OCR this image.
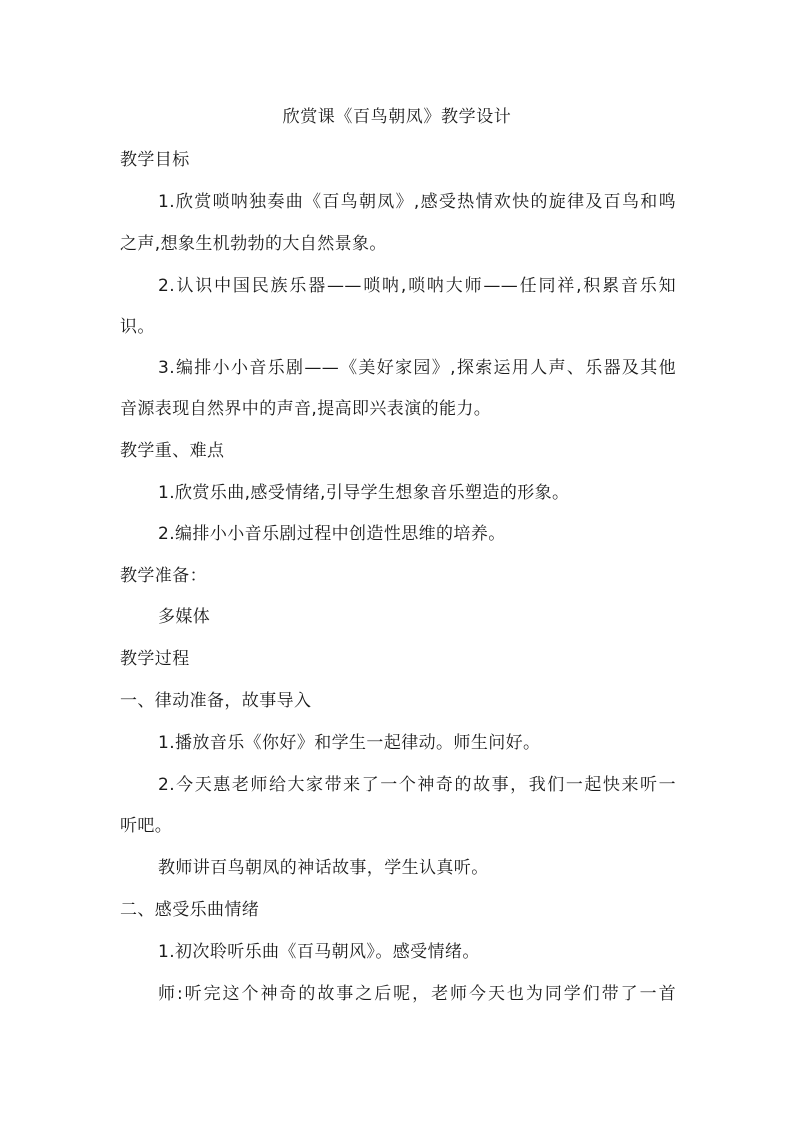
欣赏课《百鸟朝凤》教学设计
教学目标
1.欣赏唢呐独奏曲《百鸟朝凤》,感受热情欢快的旋律及百鸟和鸣
之声,想象生机勃勃的大自然景象。
2.认识中国民族乐器——唢呐,唢呐大师——任同祥,积累音乐知
识。
3.编排小小音乐剧——《美好家园》,探索运用人声、乐器及其他
音源表现自然界中的声音,提高即兴表演的能力。
教学重、难点
1.欣赏乐曲,感受情绪,引导学生想象音乐塑造的形象。
2.编排小小音乐剧过程中创造性思维的培养。
教学准备：
多媒体
教学过程
一、律动准备，故事导入
1.播放音乐《你好》和学生一起律动。师生问好。
2.今天惠老师给大家带来了一个神奇的故事，我们一起快来听一
听吧。
教师讲百鸟朝凤的神话故事，学生认真听。
二、感受乐曲情绪
1.初次聆听乐曲《百马朝风》。感受情绪。
师:听完这个神奇的故事之后呢，老师今天也为同学们带了一首
